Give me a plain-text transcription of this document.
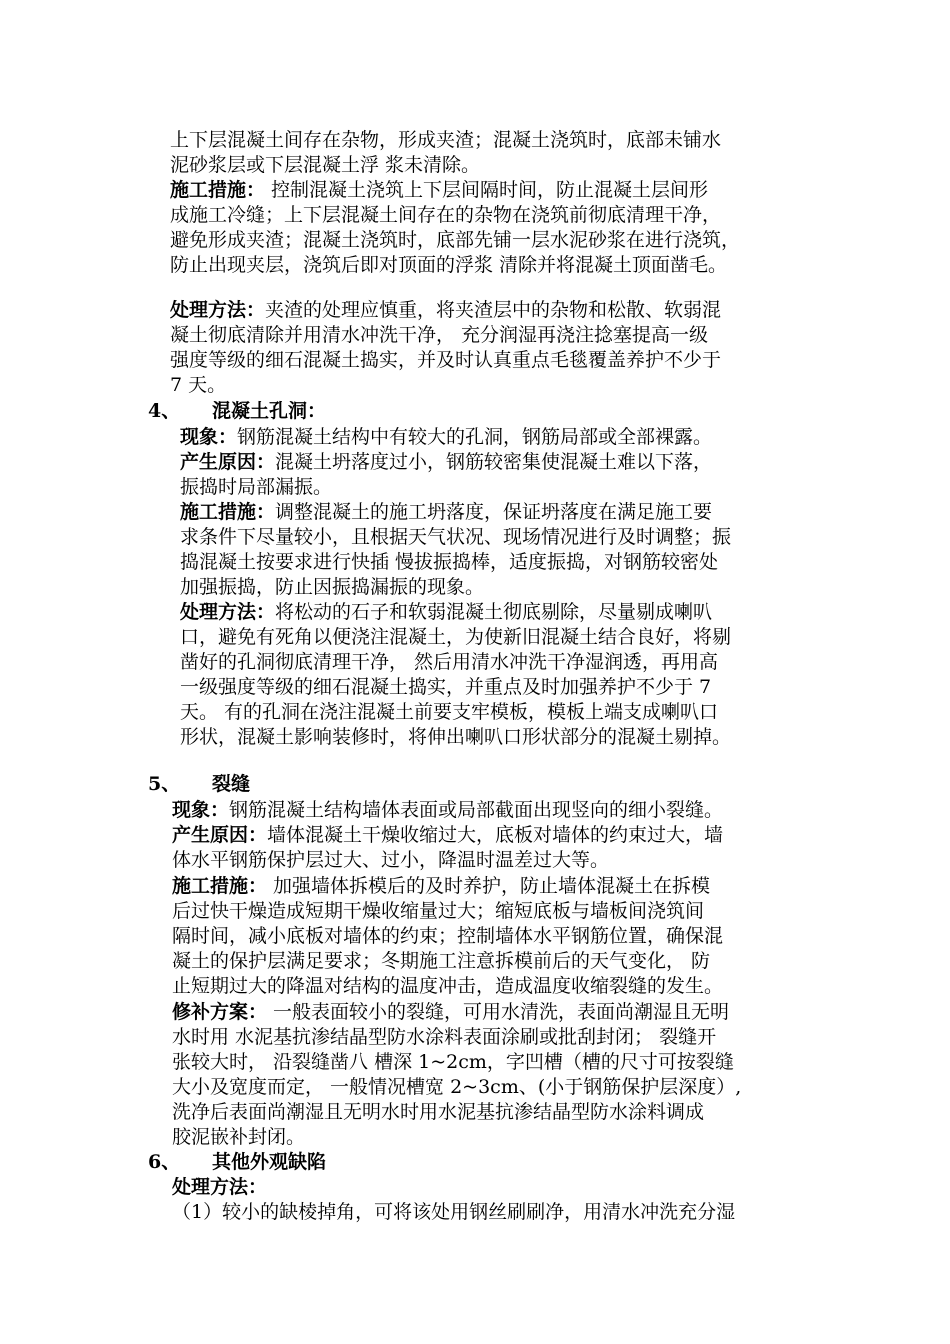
上下层混凝土间存在杂物，形成夹渣；混凝土浇筑时，底部未铺水
泥砂浆层或下层混凝土浮 浆未清除。
施工措施： 控制混凝土浇筑上下层间隔时间，防止混凝土层间形
成施工冷缝；上下层混凝土间存在的杂物在浇筑前彻底清理干净，
避免形成夹渣；混凝土浇筑时，底部先铺一层水泥砂浆在进行浇筑，
防止出现夹层，浇筑后即对顶面的浮浆 清除并将混凝土顶面凿毛。
处理方法：夹渣的处理应慎重，将夹渣层中的杂物和松散、软弱混
凝土彻底清除并用清水冲洗干净， 充分润湿再浇注捻塞提高一级
强度等级的细石混凝土捣实，并及时认真重点毛毯覆盖养护不少于
7 天。
4、 混凝土孔洞：
现象：钢筋混凝土结构中有较大的孔洞，钢筋局部或全部裸露。
产生原因：混凝土坍落度过小，钢筋较密集使混凝土难以下落，
振捣时局部漏振。
施工措施：调整混凝土的施工坍落度，保证坍落度在满足施工要
求条件下尽量较小，且根据天气状况、现场情况进行及时调整；振
捣混凝土按要求进行快插 慢拔振捣棒，适度振捣，对钢筋较密处
加强振捣，防止因振捣漏振的现象。
处理方法：将松动的石子和软弱混凝土彻底剔除，尽量剔成喇叭
口，避免有死角以便浇注混凝土，为使新旧混凝土结合良好，将剔
凿好的孔洞彻底清理干净， 然后用清水冲洗干净湿润透，再用高
一级强度等级的细石混凝土捣实，并重点及时加强养护不少于 7
天。 有的孔洞在浇注混凝土前要支牢模板，模板上端支成喇叭口
形状，混凝土影响装修时，将伸出喇叭口形状部分的混凝土剔掉。
5、 裂缝
现象：钢筋混凝土结构墙体表面或局部截面出现竖向的细小裂缝。
产生原因：墙体混凝土干燥收缩过大，底板对墙体的约束过大，墙
体水平钢筋保护层过大、过小，降温时温差过大等。
施工措施： 加强墙体拆模后的及时养护，防止墙体混凝土在拆模
后过快干燥造成短期干燥收缩量过大；缩短底板与墙板间浇筑间
隔时间，减小底板对墙体的约束；控制墙体水平钢筋位置，确保混
凝土的保护层满足要求；冬期施工注意拆模前后的天气变化， 防
止短期过大的降温对结构的温度冲击，造成温度收缩裂缝的发生。
修补方案： 一般表面较小的裂缝，可用水清洗，表面尚潮湿且无明
水时用 水泥基抗渗结晶型防水涂料表面涂刷或批刮封闭； 裂缝开
张较大时， 沿裂缝凿八 槽深 1~2cm，字凹槽（槽的尺寸可按裂缝
大小及宽度而定， 一般情况槽宽 2~3cm、(小于钢筋保护层深度）,
洗净后表面尚潮湿且无明水时用水泥基抗渗结晶型防水涂料调成
胶泥嵌补封闭。
6、 其他外观缺陷
处理方法：
（1）较小的缺棱掉角，可将该处用钢丝刷刷净，用清水冲洗充分湿
